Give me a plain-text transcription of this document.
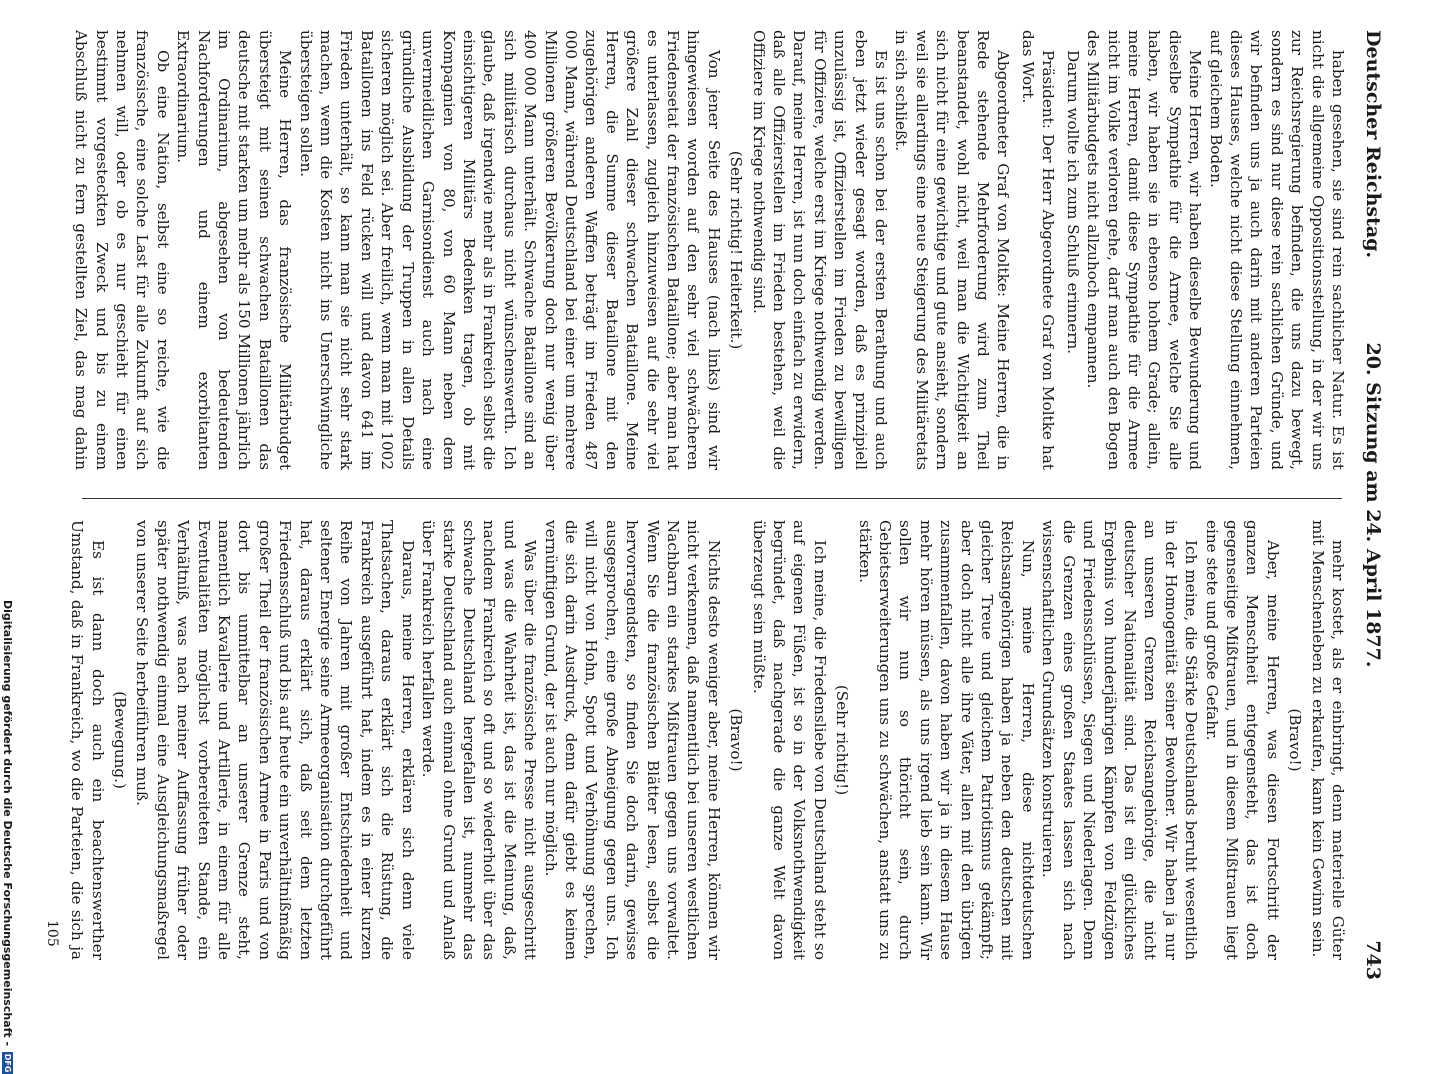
Deutscher Reichstag.
20. Sitzung am 24. April 1877.
743

haben gesehen, sie sind rein sachlicher Natur. Es ist nicht die allgemeine Oppositionsstellung, in der wir uns zur Reichsregierung befinden, die uns dazu bewegt, sondern es sind nur diese rein sachlichen Gründe, und wir befinden uns ja auch darin mit anderen Parteien dieses Hauses, welche nicht diese Stellung einnehmen, auf gleichem Boden.

Meine Herren, wir haben dieselbe Bewunderung und dieselbe Sympathie für die Armee, welche Sie alle haben, wir haben sie in ebenso hohem Grade; allein, meine Herren, damit diese Sympathie für die Armee nicht im Volke verloren gehe, darf man auch den Bogen des Militärbudgets nicht allzuhoch empannen.

Darum wollte ich zum Schluß erinnern.

Präsident: Der Herr Abgeordnete Graf von Moltke hat das Wort.

Abgeordneter Graf von Moltke: Meine Herren, die in Rede stehende Mehrforderung wird zum Theil beanstandet, wohl nicht, weil man die Wichtigkeit an sich nicht für eine gewichtige und gute ansieht, sondern weil sie allerdings eine neue Steigerung des Militäretats in sich schließt.

Es ist uns schon bei der ersten Berathung und auch eben jetzt wieder gesagt worden, daß es prinzipiell unzulässig ist, Offizierstellen im Frieden zu bewilligen für Offiziere, welche erst im Kriege nothwendig werden. Darauf, meine Herren, ist nun doch einfach zu erwidern, daß alle Offizierstellen im Frieden bestehen, weil die Offiziere im Kriege nothwendig sind.

(Sehr richtig! Heiterkeit.)

Von jener Seite des Hauses (nach links) sind wir hingewiesen worden auf den sehr viel schwächeren Friedensetat der französischen Bataillone; aber man hat es unterlassen, zugleich hinzuweisen auf die sehr viel größere Zahl dieser schwachen Bataillone. Meine Herren, die Summe dieser Bataillone mit den zugehörigen anderen Waffen beträgt im Frieden 487 000 Mann, während Deutschland bei einer um mehrere Millionen größeren Bevölkerung doch nur wenig über 400 000 Mann unterhält. Schwache Bataillone sind an sich militärisch durchaus nicht wünschenswerth. Ich glaube, daß irgendwie mehr als in Frankreich selbst die einsichtigeren Militärs Bedenken tragen, ob mit Kompagnien von 80, von 60 Mann neben dem unvermeidlichen Garnisondienst auch nach eine gründliche Ausbildung der Truppen in allen Details sicheren möglich sei. Aber freilich, wenn man mit 1002 Bataillonen ins Feld rücken will und davon 641 im Frieden unterhält, so kann man sie nicht sehr stark machen, wenn die Kosten nicht ins Unerschwingliche übersteigen sollen.

Meine Herren, das französische Militärbudget übersteigt mit seinen schwachen Bataillonen das deutsche mit starken um mehr als 150 Millionen jährlich im Ordinarium, abgesehen von bedeutenden Nachforderungen und einem exorbitanten Extraordinarium.

Ob eine Nation, selbst eine so reiche, wie die französische, eine solche Last für alle Zukunft auf sich nehmen will, oder ob es nur geschieht für einen bestimmt vorgesteckten Zweck und bis zu einem Abschluß nicht zu fern gestellten Ziel, das mag dahin

mehr kostet, als er einbringt, denn materielle Güter mit Menschenleben zu erkaufen, kann kein Gewinn sein.

(Bravo!)

Aber, meine Herren, was diesen Fortschritt der ganzen Menschheit entgegensteht, das ist doch gegenseitige Mißtrauen, und in diesem Mißtrauen liegt eine stete und große Gefahr.

Ich meine, die Stärke Deutschlands beruht wesentlich in der Homogenität seiner Bewohner. Wir haben ja nur an unseren Grenzen Reichsangehörige, die nicht deutscher Nationalität sind. Das ist ein glückliches Ergebnis von hunderjährigen Kämpfen von Feldzügen und Friedensschlüssen, Siegen und Niederlagen. Denn die Grenzen eines großen Staates lassen sich nach wissenschaftlichen Grundsätzen konstruieren.

Nun, meine Herren, diese nichtdeutschen Reichsangehörigen haben ja neben den deutschen mit gleicher Treue und gleichem Patriotismus gekämpft; aber doch nicht alle ihre Väter, allen mit den übrigen zusammenfallen, davon haben wir ja in diesem Hause mehr hören müssen, als uns irgend lieb sein kann. Wir sollen wir nun so thöricht sein, durch Gebietserweiterungen uns zu schwächen, anstatt uns zu stärken.

(Sehr richtig!)

Ich meine, die Friedensliebe von Deutschland steht so auf eigenen Füßen, ist so in der Volksnothwendigkeit begründet, daß nachgerade die ganze Welt davon überzeugt sein müßte.

(Bravo!)

Nichts desto weniger aber, meine Herren, können wir nicht verkennen, daß namentlich bei unseren westlichen Nachbarn ein starkes Mißtrauen gegen uns vorwaltet. Wenn Sie die französischen Blätter lesen, selbst die hervorragendsten, so finden Sie doch darin, gewisse ausgesprochen, eine große Abneigung gegen uns. Ich will nicht von Hohn, Spott und Verhöhnung sprechen, die sich darin Ausdruck, denn dafür giebt es keinen vernünftigen Grund, der ist auch nur möglich.

Was über die französische Presse nicht ausgeschritt und was die Wahrheit ist, das ist die Meinung, daß, nachdem Frankreich so oft und so wiederholt über das schwache Deutschland hergefallen ist, nunmehr das starke Deutschland auch einmal ohne Grund und Anlaß über Frankreich herfallen werde.

Daraus, meine Herren, erklären sich denn viele Thatsachen, daraus erklärt sich die Rüstung, die Frankreich ausgeführt hat, indem es in einer kurzen Reihe von Jahren mit großer Entschiedenheit und seltener Energie seine Armeeorganisation durchgeführt hat, daraus erklärt sich, daß seit dem letzten Friedensschluß und bis auf heute ein unverhältnißmäßig großer Theil der französischen Armee in Paris und von dort bis unmittelbar an unserer Grenze steht, namentlich Kavallerie und Artillerie, in einem für alle Eventualitäten möglichst vorbereiteten Stande, ein Verhältniß, was nach meiner Auffassung früher oder später nothwendig einmal eine Ausgleichungsmaßregel von unserer Seite herbeiführen muß.

(Bewegung.)

Es ist dann doch auch ein beachtenswerther Umstand, daß in Frankreich, wo die Parteien, die sich ja

105
Digitalisierung gefördert durch die Deutsche Forschungsgemeinschaft -
DFG
